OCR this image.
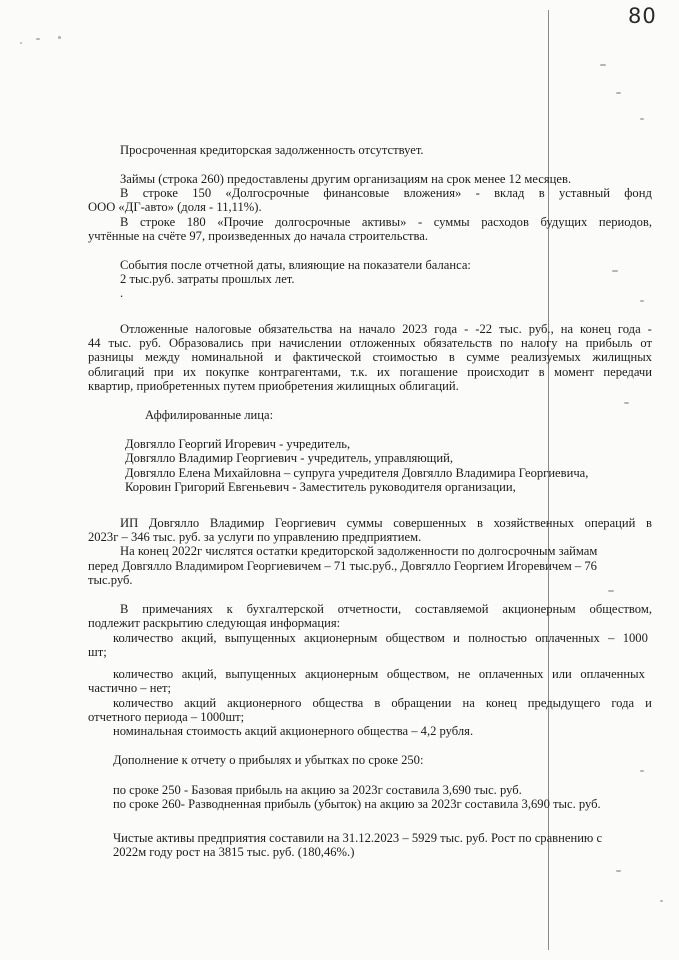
80
Просроченная кредиторская задолженность отсутствует.
Займы (строка 260) предоставлены другим организациям на срок менее 12 месяцев.
В строке 150 «Долгосрочные финансовые вложения» - вклад в уставный фонд
ООО «ДГ-авто» (доля - 11,11%).
В строке 180 «Прочие долгосрочные активы» - суммы расходов будущих периодов,
учтённые на счёте 97, произведенных до начала строительства.
События после отчетной даты, влияющие на показатели баланса:
2 тыс.руб. затраты прошлых лет.
.
Отложенные налоговые обязательства на начало 2023 года - -22 тыс. руб., на конец года -
44 тыс. руб. Образовались при начислении отложенных обязательств по налогу на прибыль от
разницы между номинальной и фактической стоимостью в сумме реализуемых жилищных
облигаций при их покупке контрагентами, т.к. их погашение происходит в момент передачи
квартир, приобретенных путем приобретения жилищных облигаций.
Аффилированные лица:
Довгялло Георгий Игоревич - учредитель,
Довгялло Владимир Георгиевич - учредитель, управляющий,
Довгялло Елена Михайловна – супруга учредителя Довгялло Владимира Георгиевича,
Коровин Григорий Евгеньевич - Заместитель руководителя организации,
ИП Довгялло Владимир Георгиевич суммы совершенных в хозяйственных операций в
2023г – 346 тыс. руб. за услуги по управлению предприятием.
На конец 2022г числятся остатки кредиторской задолженности по долгосрочным займам
перед Довгялло Владимиром Георгиевичем – 71 тыс.руб., Довгялло Георгием Игоревичем – 76
тыс.руб.
В примечаниях к бухгалтерской отчетности, составляемой акционерным обществом,
подлежит раскрытию следующая информация:
количество акций, выпущенных акционерным обществом и полностью оплаченных – 1000
шт;
количество акций, выпущенных акционерным обществом, не оплаченных или оплаченных
частично – нет;
количество акций акционерного общества в обращении на конец предыдущего года и
отчетного периода – 1000шт;
номинальная стоимость акций акционерного общества – 4,2 рубля.
Дополнение к отчету о прибылях и убытках по сроке 250:
по сроке 250 - Базовая прибыль на акцию за 2023г составила 3,690 тыс. руб.
по сроке 260- Разводненная прибыль (убыток) на акцию за 2023г составила 3,690 тыс. руб.
Чистые активы предприятия составили на 31.12.2023 – 5929 тыс. руб. Рост по сравнению с
2022м году рост на 3815 тыс. руб. (180,46%.)
